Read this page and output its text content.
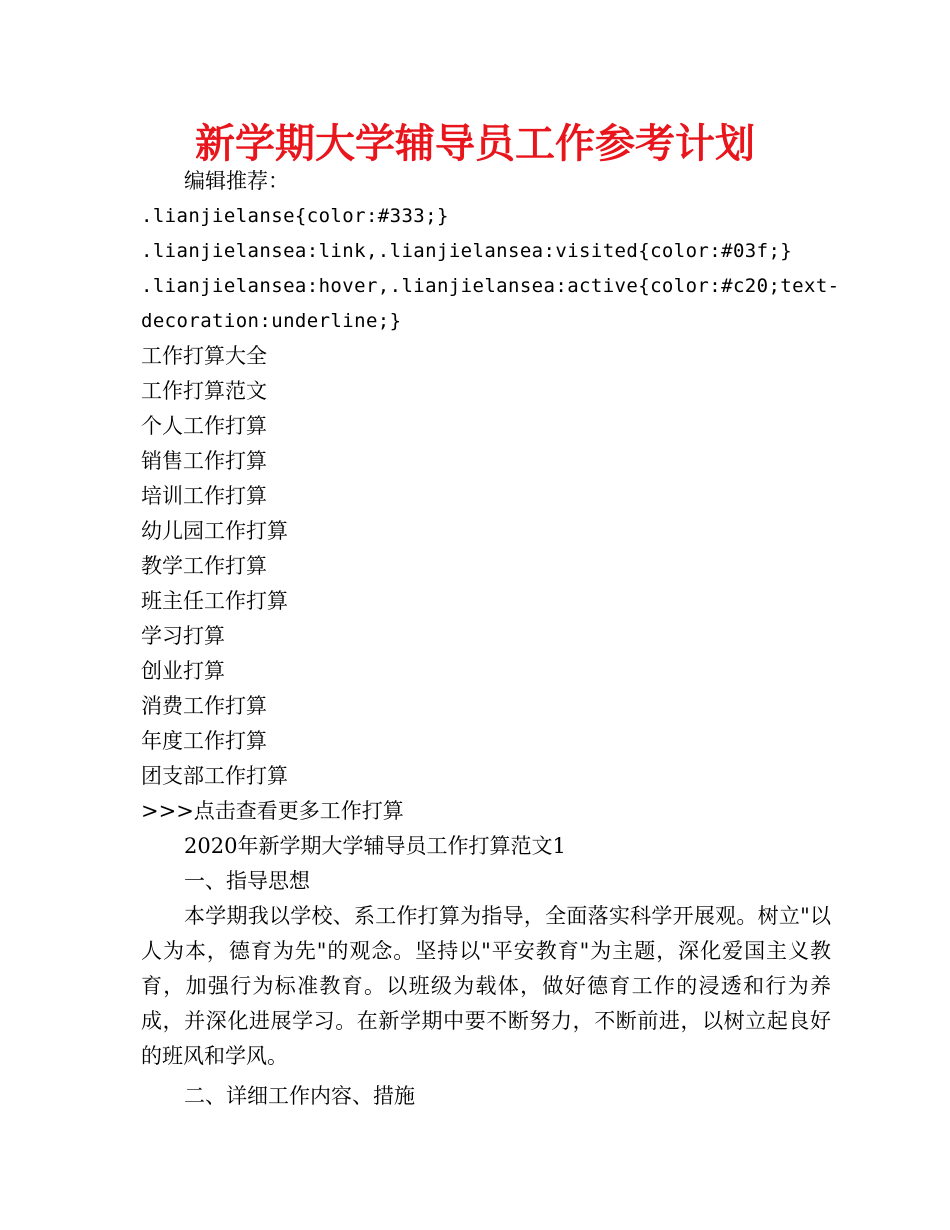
新学期大学辅导员工作参考计划
编辑推荐：
.lianjielanse{color:#333;}
.lianjielansea:link,.lianjielansea:visited{color:#03f;}
.lianjielansea:hover,.lianjielansea:active{color:#c20;text-
decoration:underline;}
工作打算大全
工作打算范文
个人工作打算
销售工作打算
培训工作打算
幼儿园工作打算
教学工作打算
班主任工作打算
学习打算
创业打算
消费工作打算
年度工作打算
团支部工作打算
>>>点击查看更多工作打算
2020年新学期大学辅导员工作打算范文1
一、指导思想

本学期我以学校、系工作打算为指导，全面落实科学开展观。树立"以人为本，德育为先"的观念。坚持以"平安教育"为主题，深化爱国主义教育，加强行为标准教育。以班级为载体，做好德育工作的浸透和行为养成，并深化进展学习。在新学期中要不断努力，不断前进，以树立起良好的班风和学风。

二、详细工作内容、措施
